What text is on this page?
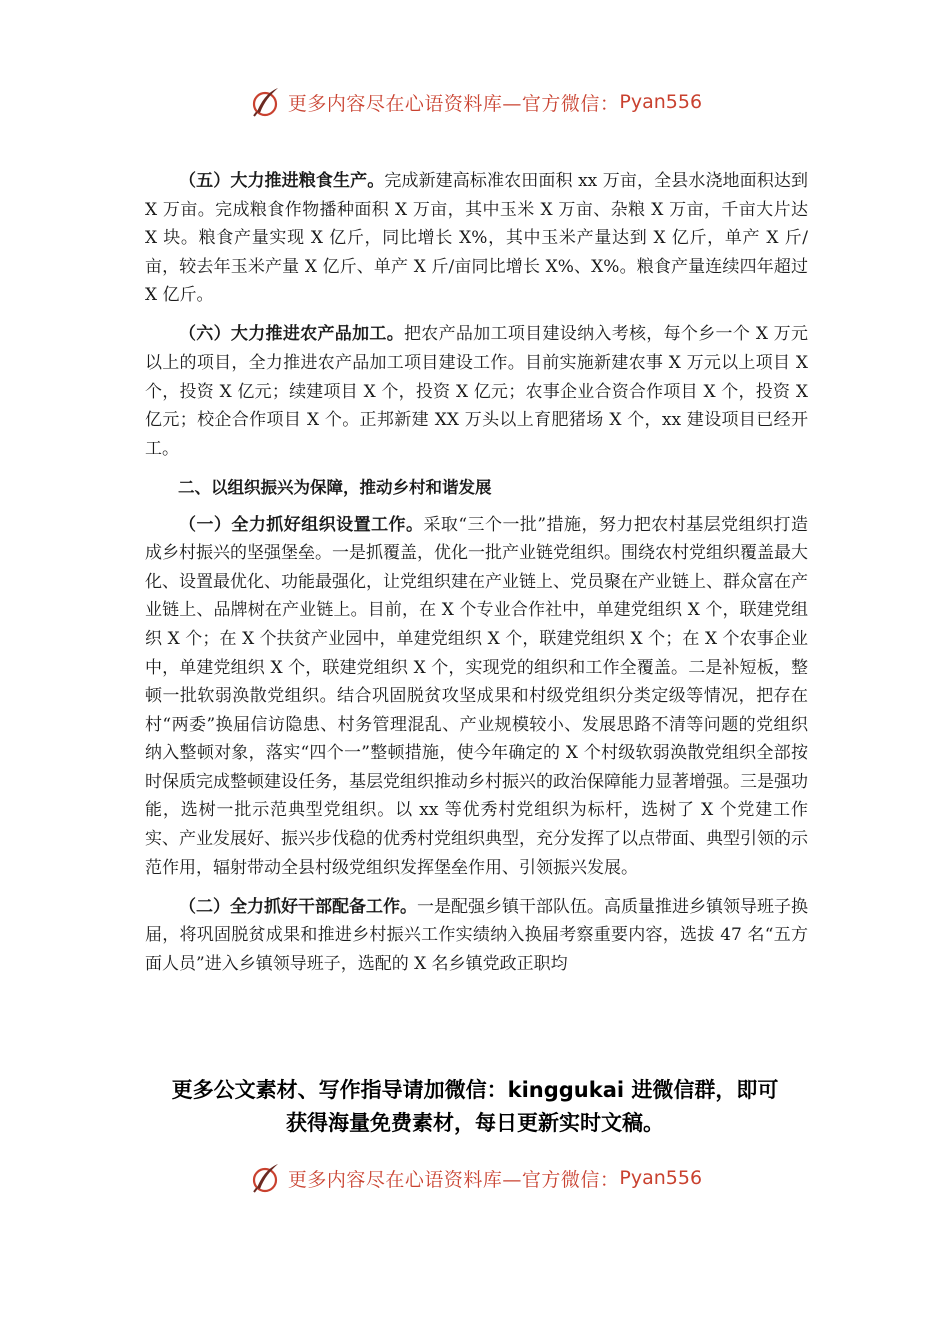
更多内容尽在心语资料库—官方微信： Pyan556

（五）大力推进粮食生产。完成新建高标准农田面积 xx 万亩，全县水浇地面积达到 X 万亩。完成粮食作物播种面积 X 万亩，其中玉米 X 万亩、杂粮 X 万亩，千亩大片达 X 块。粮食产量实现 X 亿斤，同比增长 X%，其中玉米产量达到 X 亿斤，单产 X 斤/亩，较去年玉米产量 X 亿斤、单产 X 斤/亩同比增长 X%、X%。粮食产量连续四年超过 X 亿斤。

（六）大力推进农产品加工。把农产品加工项目建设纳入考核，每个乡一个 X 万元以上的项目，全力推进农产品加工项目建设工作。目前实施新建农事 X 万元以上项目 X 个，投资 X 亿元；续建项目 X 个，投资 X 亿元；农事企业合资合作项目 X 个，投资 X 亿元；校企合作项目 X 个。正邦新建 XX 万头以上育肥猪场 X 个，xx 建设项目已经开工。

二、以组织振兴为保障，推动乡村和谐发展

（一）全力抓好组织设置工作。采取“三个一批”措施，努力把农村基层党组织打造成乡村振兴的坚强堡垒。一是抓覆盖，优化一批产业链党组织。围绕农村党组织覆盖最大化、设置最优化、功能最强化，让党组织建在产业链上、党员聚在产业链上、群众富在产业链上、品牌树在产业链上。目前，在 X 个专业合作社中，单建党组织 X 个，联建党组织 X 个；在 X 个扶贫产业园中，单建党组织 X 个，联建党组织 X 个；在 X 个农事企业中，单建党组织 X 个，联建党组织 X 个，实现党的组织和工作全覆盖。二是补短板，整顿一批软弱涣散党组织。结合巩固脱贫攻坚成果和村级党组织分类定级等情况，把存在村“两委”换届信访隐患、村务管理混乱、产业规模较小、发展思路不清等问题的党组织纳入整顿对象，落实“四个一”整顿措施，使今年确定的 X 个村级软弱涣散党组织全部按时保质完成整顿建设任务，基层党组织推动乡村振兴的政治保障能力显著增强。三是强功能，选树一批示范典型党组织。以 xx 等优秀村党组织为标杆，选树了 X 个党建工作实、产业发展好、振兴步伐稳的优秀村党组织典型，充分发挥了以点带面、典型引领的示范作用，辐射带动全县村级党组织发挥堡垒作用、引领振兴发展。

（二）全力抓好干部配备工作。一是配强乡镇干部队伍。高质量推进乡镇领导班子换届，将巩固脱贫成果和推进乡村振兴工作实绩纳入换届考察重要内容，选拔 47 名“五方面人员”进入乡镇领导班子，选配的 X 名乡镇党政正职均

更多公文素材、写作指导请加微信：kinggukai 进微信群，即可
获得海量免费素材，每日更新实时文稿。
更多内容尽在心语资料库—官方微信： Pyan556
